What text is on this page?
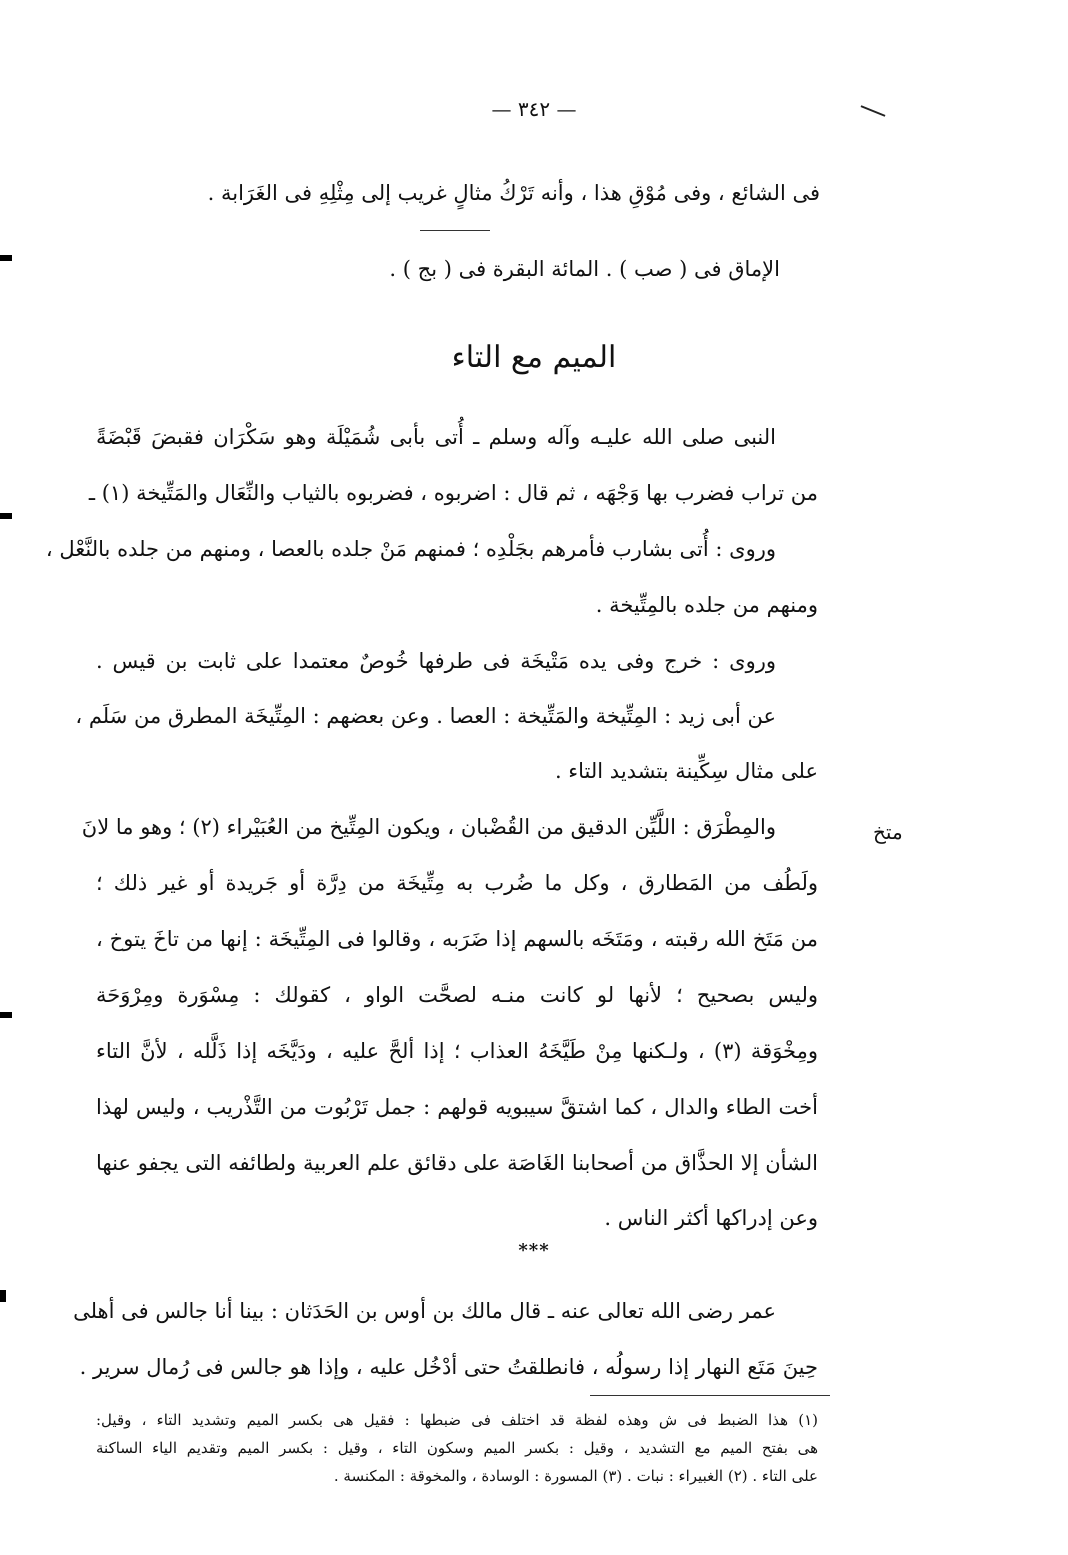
— ٣٤٢ —
فى الشائع ، وفى مُوْقِ هذا ، وأنه تَرْكُ مثالٍ غريب إلى مِثْلِهِ فى الغَرَابة .
الإماق فى ( صب ) . المائة البقرة فى ( بج ) .
الميم مع التاء
متخ
النبى صلى الله عليـه وآله وسلم ـ أُتى بأبى شُمَيْلَة وهو سَكْرَان فقبضَ قَبْضَةً
من تراب فضرب بها وَجْهَه ، ثم قال : اضربوه ، فضربوه بالثياب والنِّعَال والمَتِّيخة (١) ـ
وروى : أُتى بشارب فأمرهم بجَلْدِه ؛ فمنهم مَنْ جلده بالعصا ، ومنهم من جلده بالنَّعْل ،
ومنهم من جلده بالمِتِّيخة .
وروى : خرج وفى يده مَتْيخَة فى طرفها خُوصٌ معتمدا على ثابت بن قيس .
عن أبى زيد : المِتِّيخة والمَتِّيخة : العصا . وعن بعضهم : المِتِّيخَة المطرق من سَلَم ،
على مثال سِكِّينة بتشديد التاء .
والمِطْرَق : اللَّيِّن الدقيق من القُضْبان ، ويكون المِتِّيخ من العُبَيْراء (٢) ؛ وهو ما لانَ
ولَطُف من المَطارق ، وكل ما ضُرب به مِتِّيخَة من دِرَّة أو جَريدة أو غير ذلك ؛
من مَتَخ الله رقبته ، ومَتَخَه بالسهم إذا ضَرَبه ، وقالوا فى المِتِّيخَة : إنها من تاخَ يتوخ ،
وليس بصحيح ؛ لأنها لو كانت منـه لصحَّت الواو ، كقولك : مِسْوَرة ومِرْوَحَة
ومِخْوَقة (٣) ، ولـكنها مِنْ طَيَّخَهُ العذاب ؛ إذا ألحَّ عليه ، ودَيَّخَه إذا ذَلَّله ، لأنَّ التاء
أخت الطاء والدال ، كما اشتقَّ سيبويه قولهم : جمل تَرْبُوت من التَّذْريب ، وليس لهذا
الشأن إلا الحذَّاق من أصحابنا الغَاصَة على دقائق علم العربية ولطائفه التى يجفو عنها
وعن إدراكها أكثر الناس .
***
عمر رضى الله تعالى عنه ـ قال مالك بن أوس بن الحَدَثان : بينا أنا جالس فى أهلى
حِينَ مَتَع النهار إذا رسولُه ، فانطلقتُ حتى أدْخُل عليه ، وإذا هو جالس فى رُمال سرير .
(١) هذا الضبط فى ش وهذه لفظة قد اختلف فى ضبطها : فقيل هى بكسر الميم وتشديد التاء ، وقيل:
هى بفتح الميم مع التشديد ، وقيل : بكسر الميم وسكون التاء ، وقيل : بكسر الميم وتقديم الياء الساكنة
على التاء . (٢) الغبيراء : نبات . (٣) المسورة : الوسادة ، والمخوقة : المكنسة .
